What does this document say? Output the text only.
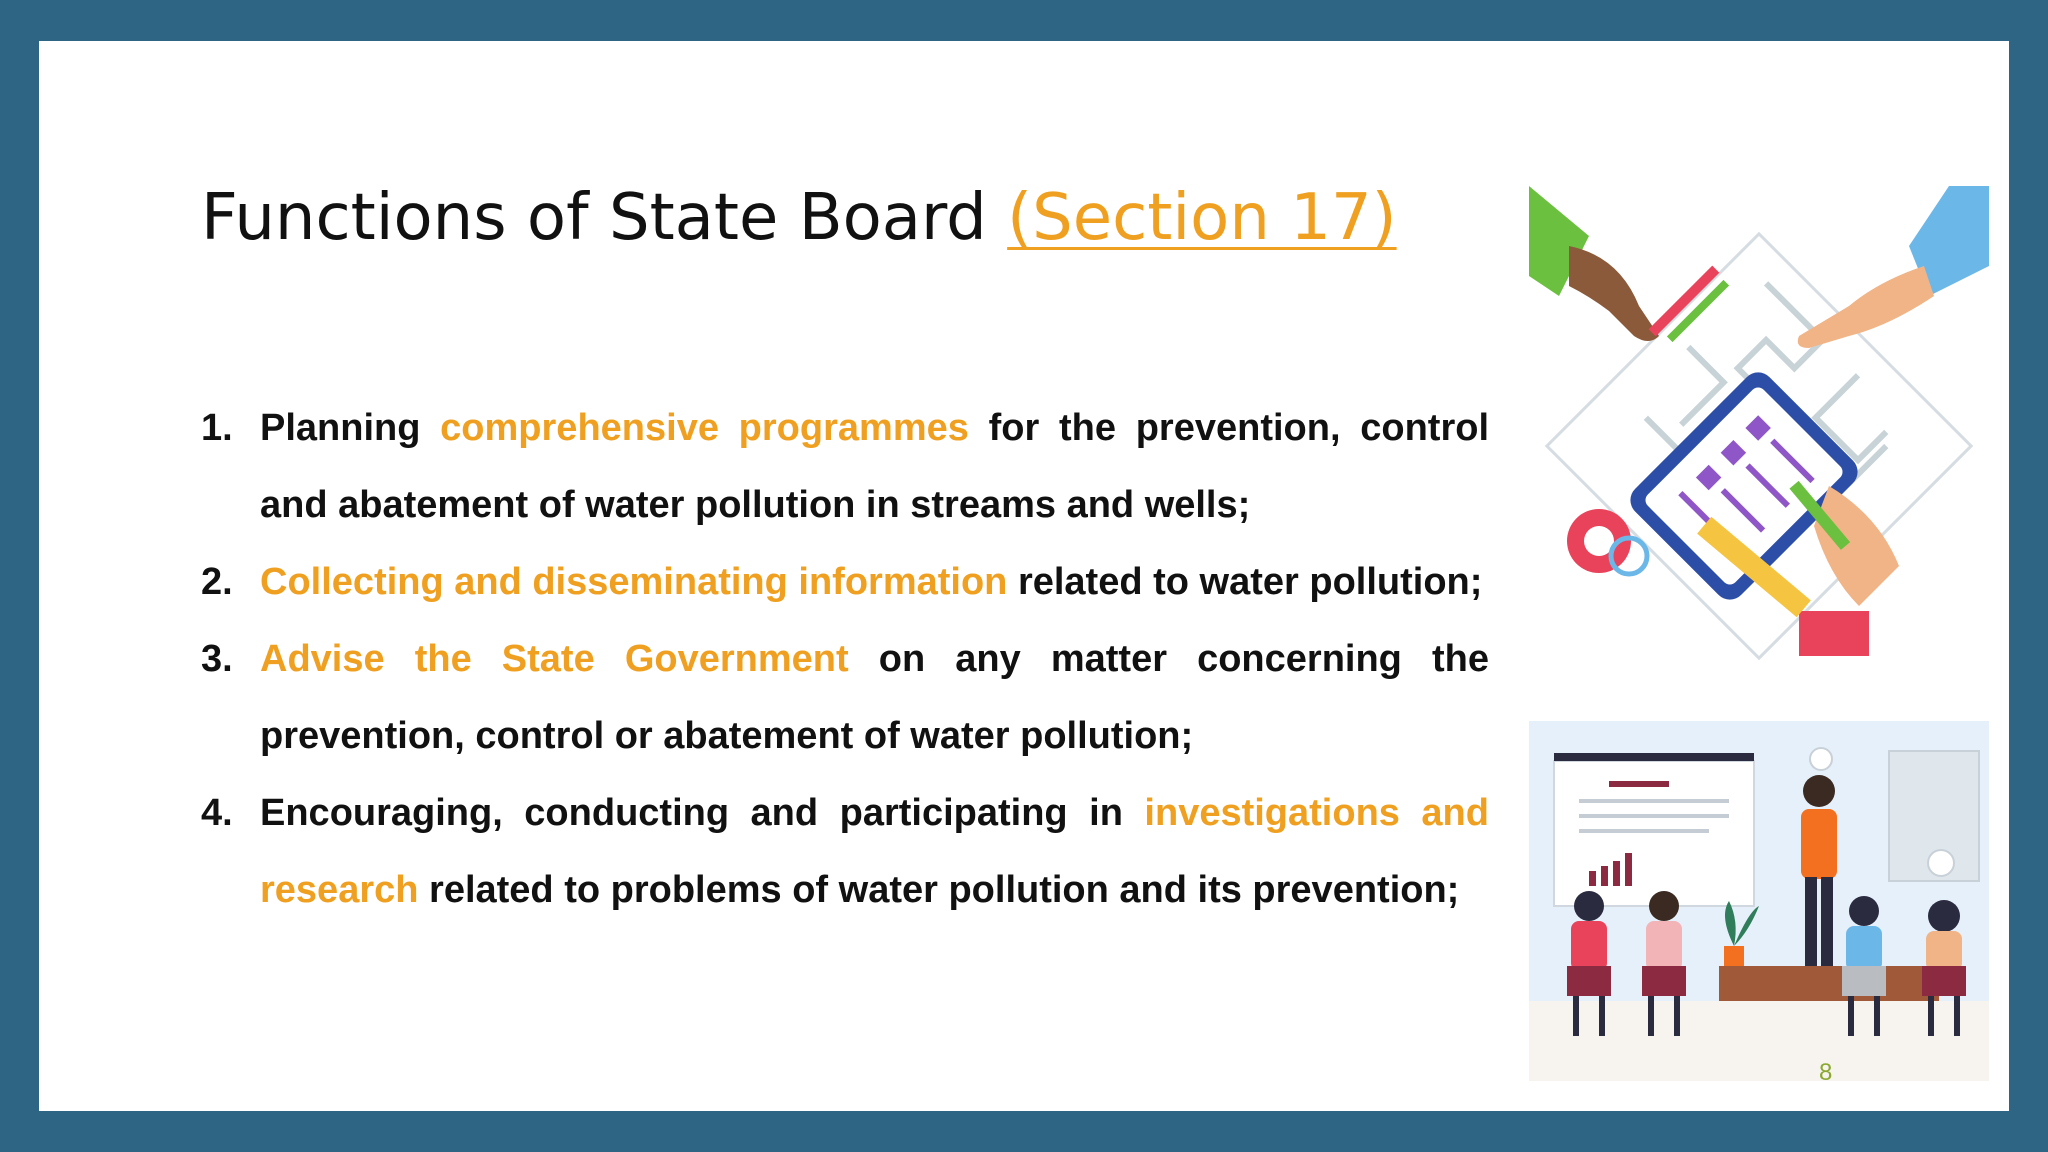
Functions of State Board (Section 17)
1. Planning comprehensive programmes for the prevention, control and abatement of water pollution in streams and wells;
2. Collecting and disseminating information related to water pollution;
3. Advise the State Government on any matter concerning the prevention, control or abatement of water pollution;
4. Encouraging, conducting and participating in investigations and research related to problems of water pollution and its prevention;
8
